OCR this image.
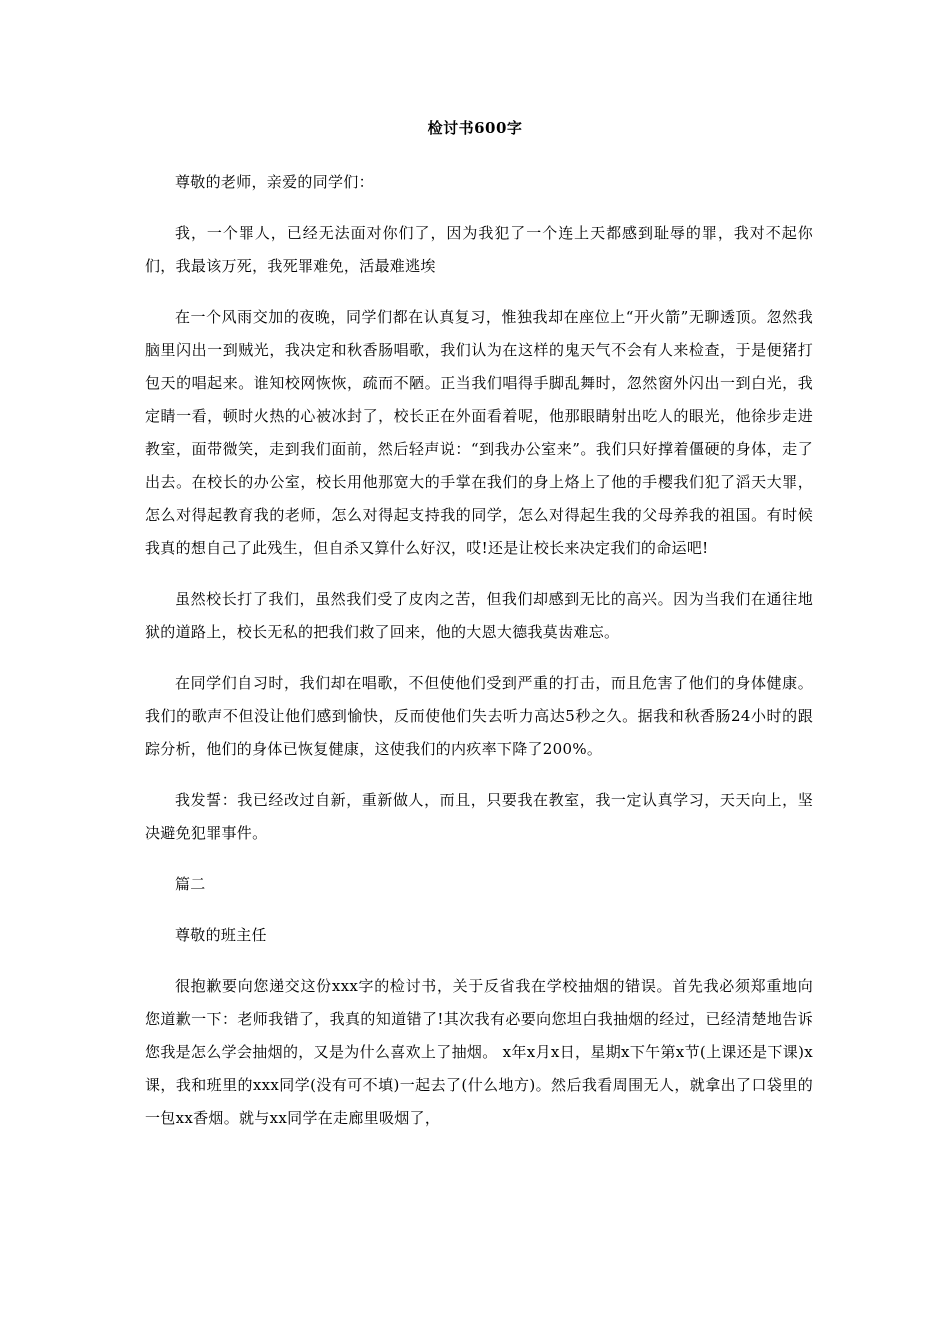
检讨书600字

尊敬的老师，亲爱的同学们：

我，一个罪人，已经无法面对你们了，因为我犯了一个连上天都感到耻辱的罪，我对不起你们，我最该万死，我死罪难免，活最难逃埃

在一个风雨交加的夜晚，同学们都在认真复习，惟独我却在座位上“开火箭”无聊透顶。忽然我脑里闪出一到贼光，我决定和秋香肠唱歌，我们认为在这样的鬼天气不会有人来检查，于是便猪打包天的唱起来。谁知校网恢恢，疏而不陋。正当我们唱得手脚乱舞时，忽然窗外闪出一到白光，我定睛一看，顿时火热的心被冰封了，校长正在外面看着呢，他那眼睛射出吃人的眼光，他徐步走进教室，面带微笑，走到我们面前，然后轻声说：“到我办公室来”。我们只好撑着僵硬的身体，走了出去。在校长的办公室，校长用他那宽大的手掌在我们的身上烙上了他的手樱我们犯了滔天大罪，怎么对得起教育我的老师，怎么对得起支持我的同学，怎么对得起生我的父母养我的祖国。有时候我真的想自己了此残生，但自杀又算什么好汉，哎!还是让校长来决定我们的命运吧!

虽然校长打了我们，虽然我们受了皮肉之苦，但我们却感到无比的高兴。因为当我们在通往地狱的道路上，校长无私的把我们救了回来，他的大恩大德我莫齿难忘。

在同学们自习时，我们却在唱歌，不但使他们受到严重的打击，而且危害了他们的身体健康。我们的歌声不但没让他们感到愉快，反而使他们失去听力高达5秒之久。据我和秋香肠24小时的跟踪分析，他们的身体已恢复健康，这使我们的内疚率下降了200%。

我发誓：我已经改过自新，重新做人，而且，只要我在教室，我一定认真学习，天天向上，坚决避免犯罪事件。

篇二

尊敬的班主任

很抱歉要向您递交这份xxx字的检讨书，关于反省我在学校抽烟的错误。首先我必须郑重地向您道歉一下：老师我错了，我真的知道错了!其次我有必要向您坦白我抽烟的经过，已经清楚地告诉您我是怎么学会抽烟的，又是为什么喜欢上了抽烟。 x年x月x日，星期x下午第x节(上课还是下课)x课，我和班里的xxx同学(没有可不填)一起去了(什么地方)。然后我看周围无人，就拿出了口袋里的一包xx香烟。就与xx同学在走廊里吸烟了，
